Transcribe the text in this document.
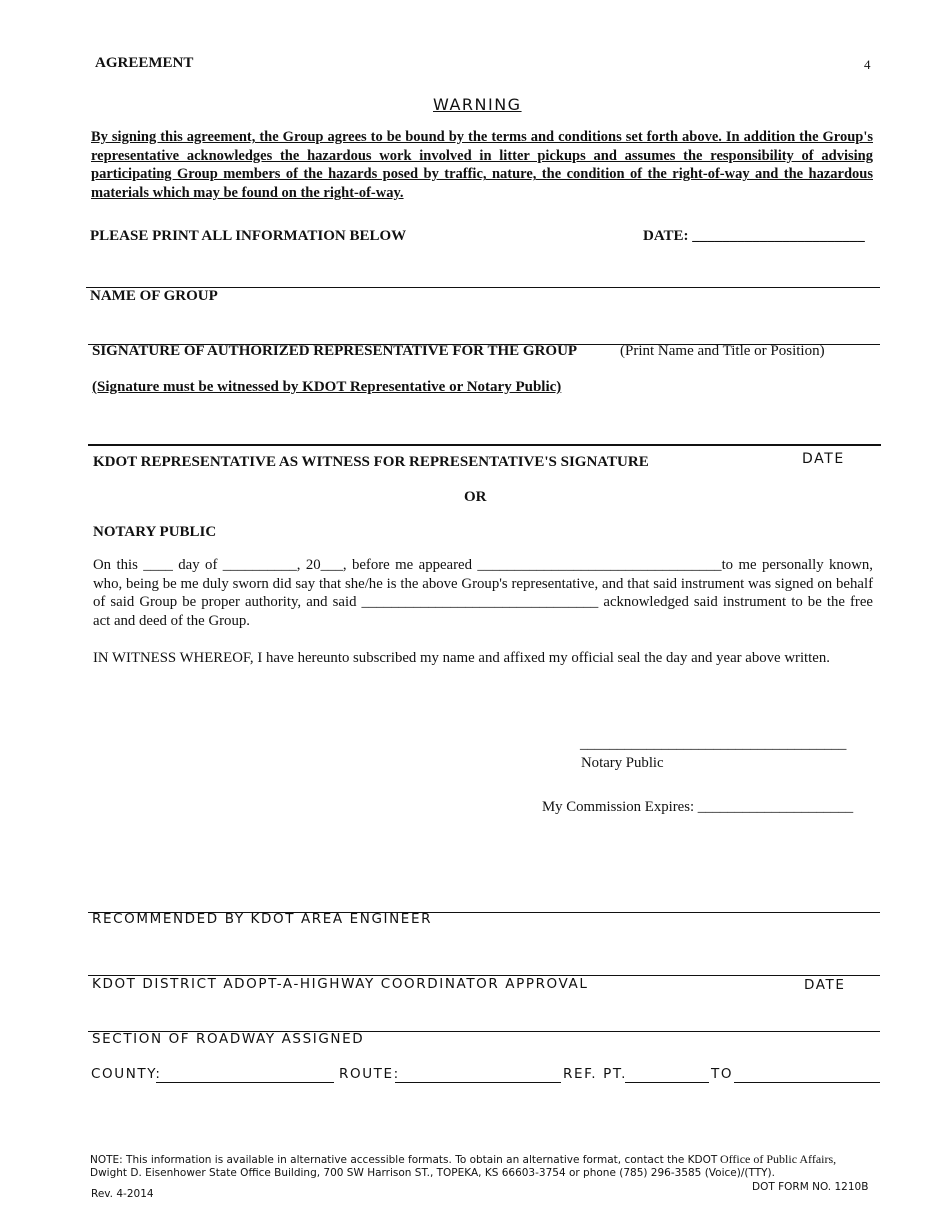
AGREEMENT	4
WARNING
By signing this agreement, the Group agrees to be bound by the terms and conditions set forth above. In addition the Group's representative acknowledges the hazardous work involved in litter pickups and assumes the responsibility of advising participating Group members of the hazards posed by traffic, nature, the condition of the right-of-way and the hazardous materials which may be found on the right-of-way.
PLEASE PRINT ALL INFORMATION BELOW	DATE: _______________________
NAME OF GROUP
SIGNATURE OF AUTHORIZED REPRESENTATIVE FOR THE GROUP	(Print Name and Title or Position)
(Signature must be witnessed by KDOT Representative or Notary Public)
KDOT REPRESENTATIVE AS WITNESS FOR REPRESENTATIVE'S SIGNATURE	DATE
OR
NOTARY PUBLIC
On this ____ day of __________, 20___, before me appeared _________________________________to me personally known, who, being be me duly sworn did say that she/he is the above Group's representative, and that said instrument was signed on behalf of said Group be proper authority, and said ________________________________ acknowledged said instrument to be the free act and deed of the Group.
IN WITNESS WHEREOF, I have hereunto subscribed my name and affixed my official seal the day and year above written.
____________________________________
Notary Public
My Commission Expires: _____________________
RECOMMENDED BY KDOT AREA ENGINEER
KDOT DISTRICT ADOPT-A-HIGHWAY COORDINATOR APPROVAL	DATE
SECTION OF ROADWAY ASSIGNED
COUNTY:	ROUTE:	REF. PT.	TO
NOTE: This information is available in alternative accessible formats. To obtain an alternative format, contact the KDOT Office of Public Affairs,
Dwight D. Eisenhower State Office Building, 700 SW Harrison ST., TOPEKA, KS 66603-3754 or phone (785) 296-3585 (Voice)/(TTY).
DOT FORM NO. 1210B
Rev. 4-2014
